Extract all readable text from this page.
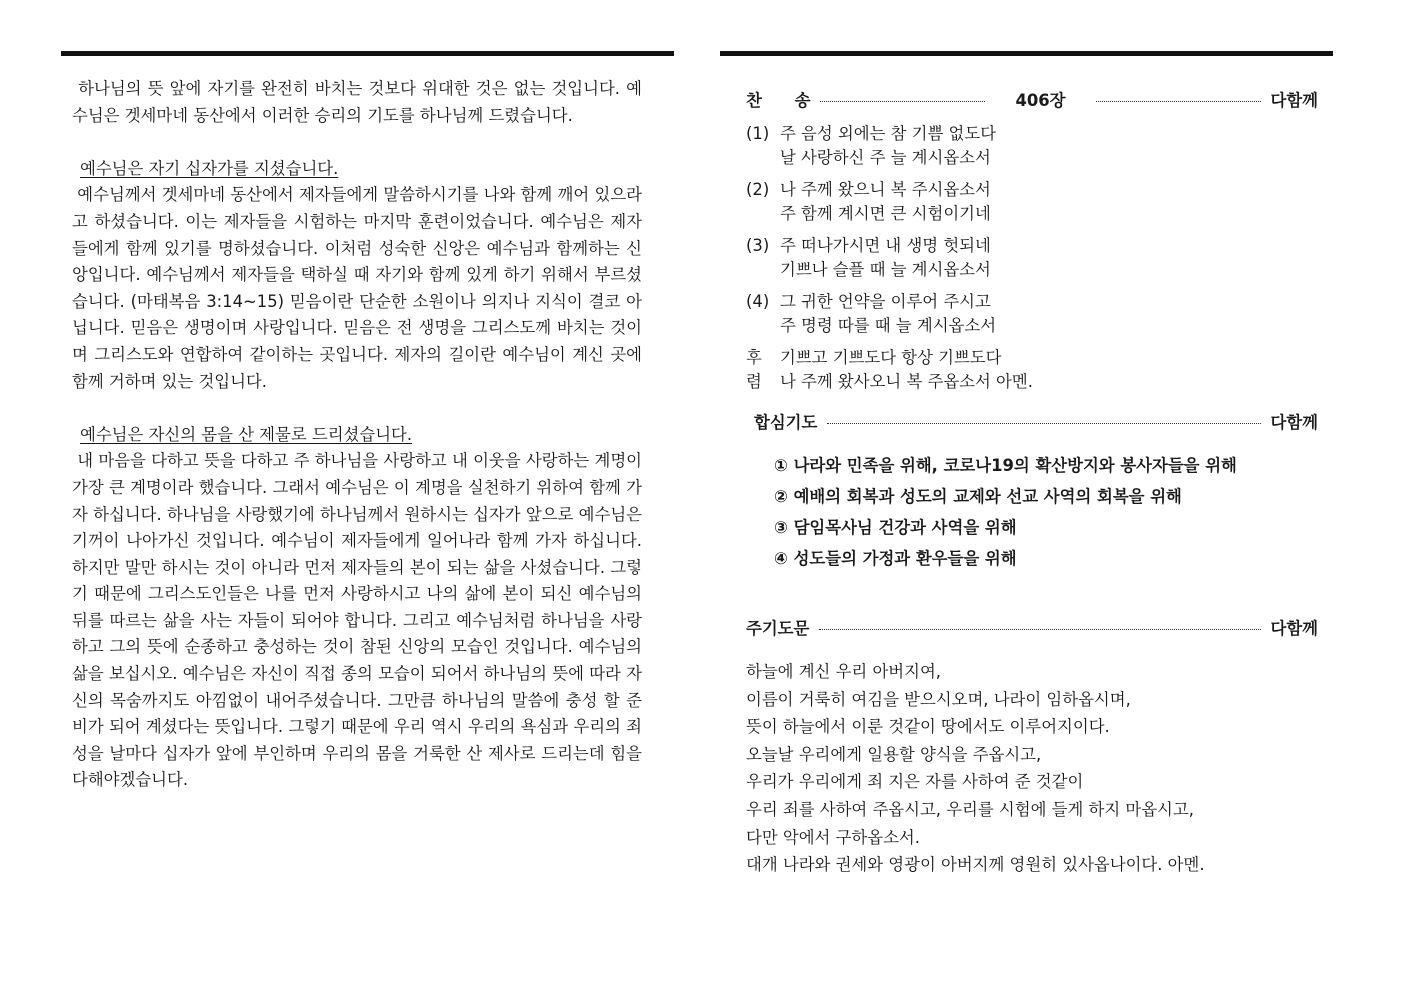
하나님의 뜻 앞에 자기를 완전히 바치는 것보다 위대한 것은 없는 것입니다. 예수님은 겟세마네 동산에서 이러한 승리의 기도를 하나님께 드렸습니다.

예수님은 자기 십자가를 지셨습니다.

예수님께서 겟세마네 동산에서 제자들에게 말씀하시기를 나와 함께 깨어 있으라고 하셨습니다. 이는 제자들을 시험하는 마지막 훈련이었습니다. 예수님은 제자들에게 함께 있기를 명하셨습니다. 이처럼 성숙한 신앙은 예수님과 함께하는 신앙입니다. 예수님께서 제자들을 택하실 때 자기와 함께 있게 하기 위해서 부르셨습니다. (마태복음 3:14~15) 믿음이란 단순한 소원이나 의지나 지식이 결코 아닙니다. 믿음은 생명이며 사랑입니다. 믿음은 전 생명을 그리스도께 바치는 것이며 그리스도와 연합하여 같이하는 곳입니다. 제자의 길이란 예수님이 계신 곳에 함께 거하며 있는 것입니다.

예수님은 자신의 몸을 산 제물로 드리셨습니다.

내 마음을 다하고 뜻을 다하고 주 하나님을 사랑하고 내 이웃을 사랑하는 계명이 가장 큰 계명이라 했습니다. 그래서 예수님은 이 계명을 실천하기 위하여 함께 가자 하십니다. 하나님을 사랑했기에 하나님께서 원하시는 십자가 앞으로 예수님은 기꺼이 나아가신 것입니다. 예수님이 제자들에게 일어나라 함께 가자 하십니다. 하지만 말만 하시는 것이 아니라 먼저 제자들의 본이 되는 삶을 사셨습니다. 그렇기 때문에 그리스도인들은 나를 먼저 사랑하시고 나의 삶에 본이 되신 예수님의 뒤를 따르는 삶을 사는 자들이 되어야 합니다. 그리고 예수님처럼 하나님을 사랑하고 그의 뜻에 순종하고 충성하는 것이 참된 신앙의 모습인 것입니다. 예수님의 삶을 보십시오. 예수님은 자신이 직접 종의 모습이 되어서 하나님의 뜻에 따라 자신의 목숨까지도 아낌없이 내어주셨습니다. 그만큼 하나님의 말씀에 충성 할 준비가 되어 계셨다는 뜻입니다. 그렇기 때문에 우리 역시 우리의 욕심과 우리의 죄성을 날마다 십자가 앞에 부인하며 우리의 몸을 거룩한 산 제사로 드리는데 힘을 다해야겠습니다.

찬　　송	406장	다함께
(1) 주 음성 외에는 참 기쁨 없도다
날 사랑하신 주 늘 계시옵소서
(2) 나 주께 왔으니 복 주시옵소서
주 함께 계시면 큰 시험이기네
(3) 주 떠나가시면 내 생명 헛되네
기쁘나 슬플 때 늘 계시옵소서
(4) 그 귀한 언약을 이루어 주시고
주 명령 따를 때 늘 계시옵소서
후 기쁘고 기쁘도다 항상 기쁘도다
렴 나 주께 왔사오니 복 주옵소서 아멘.
합심기도	다함께
① 나라와 민족을 위해, 코로나19의 확산방지와 봉사자들을 위해
② 예배의 회복과 성도의 교제와 선교 사역의 회복을 위해
③ 담임목사님 건강과 사역을 위해
④ 성도들의 가정과 환우들을 위해
주기도문	다함께
하늘에 계신 우리 아버지여,
이름이 거룩히 여김을 받으시오며, 나라이 임하옵시며,
뜻이 하늘에서 이룬 것같이 땅에서도 이루어지이다.
오늘날 우리에게 일용할 양식을 주옵시고,
우리가 우리에게 죄 지은 자를 사하여 준 것같이
우리 죄를 사하여 주옵시고, 우리를 시험에 들게 하지 마옵시고,
다만 악에서 구하옵소서.
대개 나라와 권세와 영광이 아버지께 영원히 있사옵나이다. 아멘.
